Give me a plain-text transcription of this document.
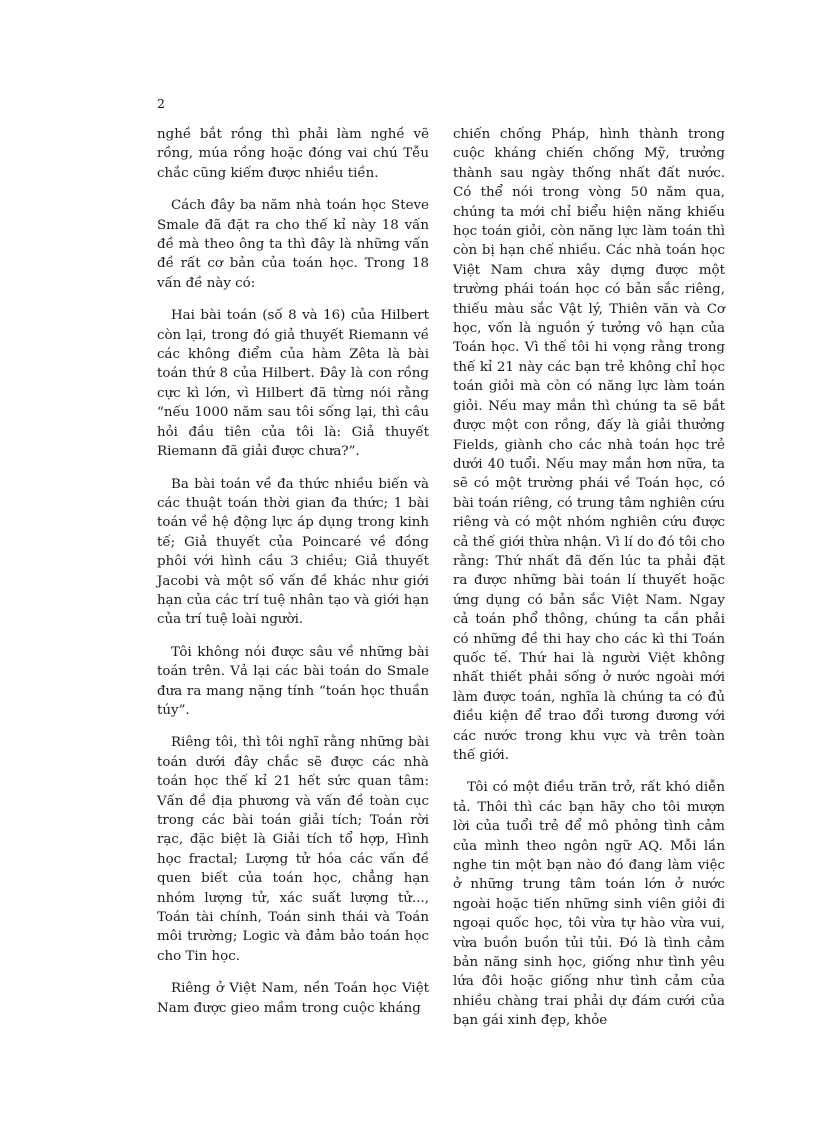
2

nghề bắt rồng thì phải làm nghề vẽ rồng, múa rồng hoặc đóng vai chú Tễu chắc cũng kiếm được nhiều tiền.

Cách đây ba năm nhà toán học Steve Smale đã đặt ra cho thế kỉ này 18 vấn đề mà theo ông ta thì đây là những vấn đề rất cơ bản của toán học. Trong 18 vấn đề này có:

Hai bài toán (số 8 và 16) của Hilbert còn lại, trong đó giả thuyết Riemann về các không điểm của hàm Zêta là bài toán thứ 8 của Hilbert. Đây là con rồng cực kì lớn, vì Hilbert đã từng nói rằng “nếu 1000 năm sau tôi sống lại, thì câu hỏi đầu tiên của tôi là: Giả thuyết Riemann đã giải được chưa?”.

Ba bài toán về đa thức nhiều biến và các thuật toán thời gian đa thức; 1 bài toán về hệ động lực áp dụng trong kinh tế; Giả thuyết của Poincaré về đồng phôi với hình cầu 3 chiều; Giả thuyết Jacobi và một số vấn đề khác như giới hạn của các trí tuệ nhân tạo và giới hạn của trí tuệ loài người.

Tôi không nói được sâu về những bài toán trên. Vả lại các bài toán do Smale đưa ra mang nặng tính “toán học thuần túy”.

Riêng tôi, thì tôi nghĩ rằng những bài toán dưới đây chắc sẽ được các nhà toán học thế kỉ 21 hết sức quan tâm: Vấn đề địa phương và vấn đề toàn cục trong các bài toán giải tích; Toán rời rạc, đặc biệt là Giải tích tổ hợp, Hình học fractal; Lượng tử hóa các vấn đề quen biết của toán học, chẳng hạn nhóm lượng tử, xác suất lượng tử..., Toán tài chính, Toán sinh thái và Toán môi trường; Logic và đảm bảo toán học cho Tin học.

Riêng ở Việt Nam, nền Toán học Việt Nam được gieo mầm trong cuộc kháng

chiến chống Pháp, hình thành trong cuộc kháng chiến chống Mỹ, trưởng thành sau ngày thống nhất đất nước. Có thể nói trong vòng 50 năm qua, chúng ta mới chỉ biểu hiện năng khiếu học toán giỏi, còn năng lực làm toán thì còn bị hạn chế nhiều. Các nhà toán học Việt Nam chưa xây dựng được một trường phái toán học có bản sắc riêng, thiếu màu sắc Vật lý, Thiên văn và Cơ học, vốn là nguồn ý tưởng vô hạn của Toán học. Vì thế tôi hi vọng rằng trong thế kỉ 21 này các bạn trẻ không chỉ học toán giỏi mà còn có năng lực làm toán giỏi. Nếu may mắn thì chúng ta sẽ bắt được một con rồng, đấy là giải thưởng Fields, giành cho các nhà toán học trẻ dưới 40 tuổi. Nếu may mắn hơn nữa, ta sẽ có một trường phái về Toán học, có bài toán riêng, có trung tâm nghiên cứu riêng và có một nhóm nghiên cứu được cả thế giới thừa nhận. Vì lí do đó tôi cho rằng: Thứ nhất đã đến lúc ta phải đặt ra được những bài toán lí thuyết hoặc ứng dụng có bản sắc Việt Nam. Ngay cả toán phổ thông, chúng ta cần phải có những đề thi hay cho các kì thi Toán quốc tế. Thứ hai là người Việt không nhất thiết phải sống ở nước ngoài mới làm được toán, nghĩa là chúng ta có đủ điều kiện để trao đổi tương đương với các nước trong khu vực và trên toàn thế giới.

Tôi có một điều trăn trở, rất khó diễn tả. Thôi thì các bạn hãy cho tôi mượn lời của tuổi trẻ để mô phỏng tình cảm của mình theo ngôn ngữ AQ. Mỗi lần nghe tin một bạn nào đó đang làm việc ở những trung tâm toán lớn ở nước ngoài hoặc tiến những sinh viên giỏi đi ngoại quốc học, tôi vừa tự hào vừa vui, vừa buồn buồn tủi tủi. Đó là tình cảm bản năng sinh học, giống như tình yêu lứa đôi hoặc giống như tình cảm của nhiều chàng trai phải dự đám cưới của bạn gái xinh đẹp, khỏe
